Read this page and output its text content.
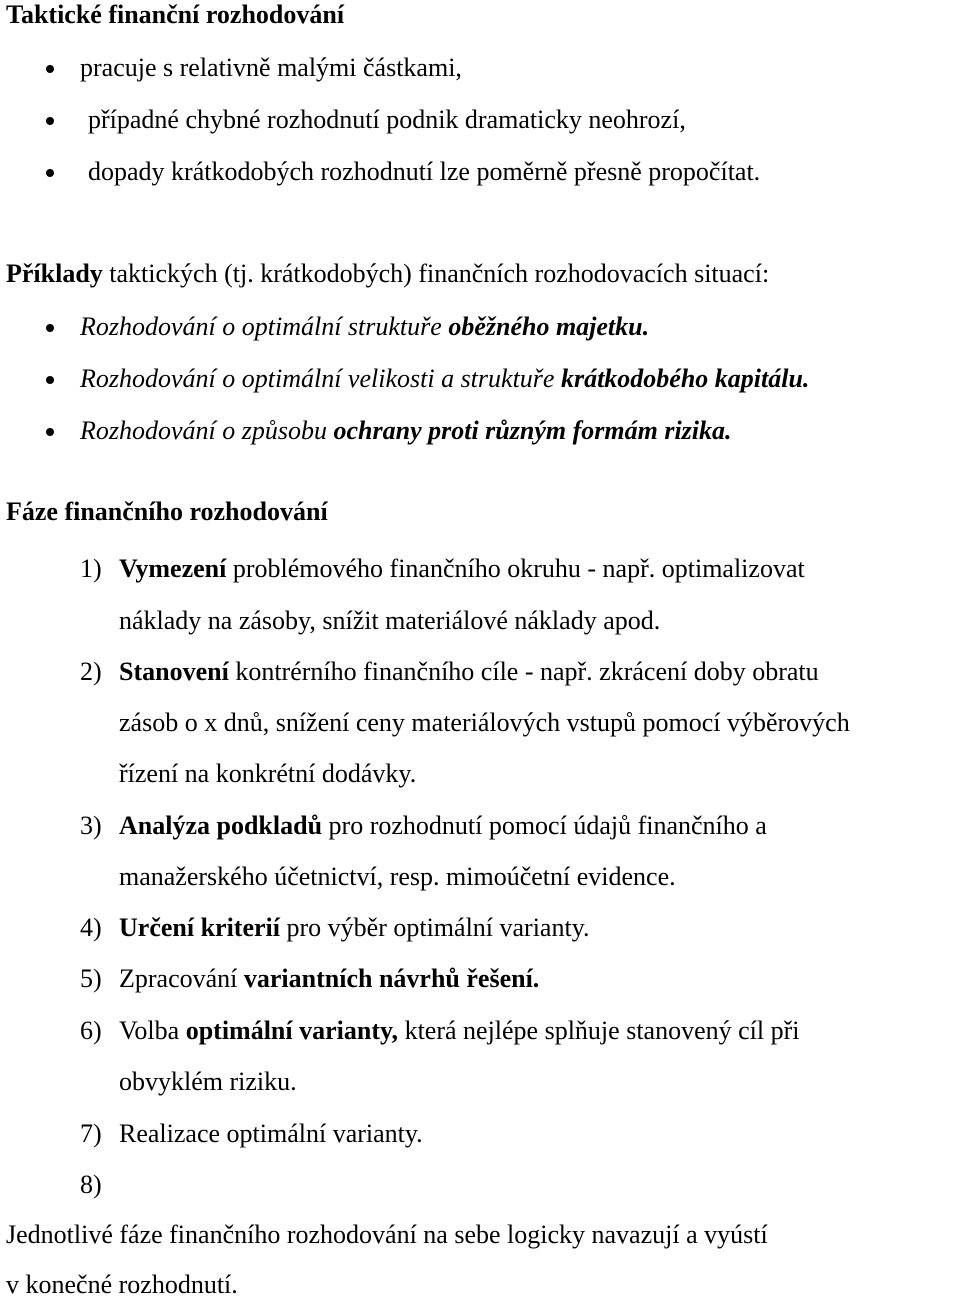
Taktické finanční rozhodování
pracuje s relativně malými částkami,
případné chybné rozhodnutí podnik dramaticky neohrozí,
dopady krátkodobých rozhodnutí lze poměrně přesně propočítat.
Příklady taktických (tj. krátkodobých) finančních rozhodovacích situací:
Rozhodování o optimální struktuře oběžného majetku.
Rozhodování o optimální velikosti a struktuře krátkodobého kapitálu.
Rozhodování o způsobu ochrany proti různým formám rizika.
Fáze finančního rozhodování
1) Vymezení problémového finančního okruhu - např. optimalizovat
náklady na zásoby, snížit materiálové náklady apod.
2) Stanovení kontrérního finančního cíle - např. zkrácení doby obratu
zásob o x dnů, snížení ceny materiálových vstupů pomocí výběrových
řízení na konkrétní dodávky.
3) Analýza podkladů pro rozhodnutí pomocí údajů finančního a
manažerského účetnictví, resp. mimoúčetní evidence.
4) Určení kriterií pro výběr optimální varianty.
5) Zpracování variantních návrhů řešení.
6) Volba optimální varianty, která nejlépe splňuje stanovený cíl při
obvyklém riziku.
7) Realizace optimální varianty.
8)
Jednotlivé fáze finančního rozhodování na sebe logicky navazují a vyústí
v konečné rozhodnutí.
